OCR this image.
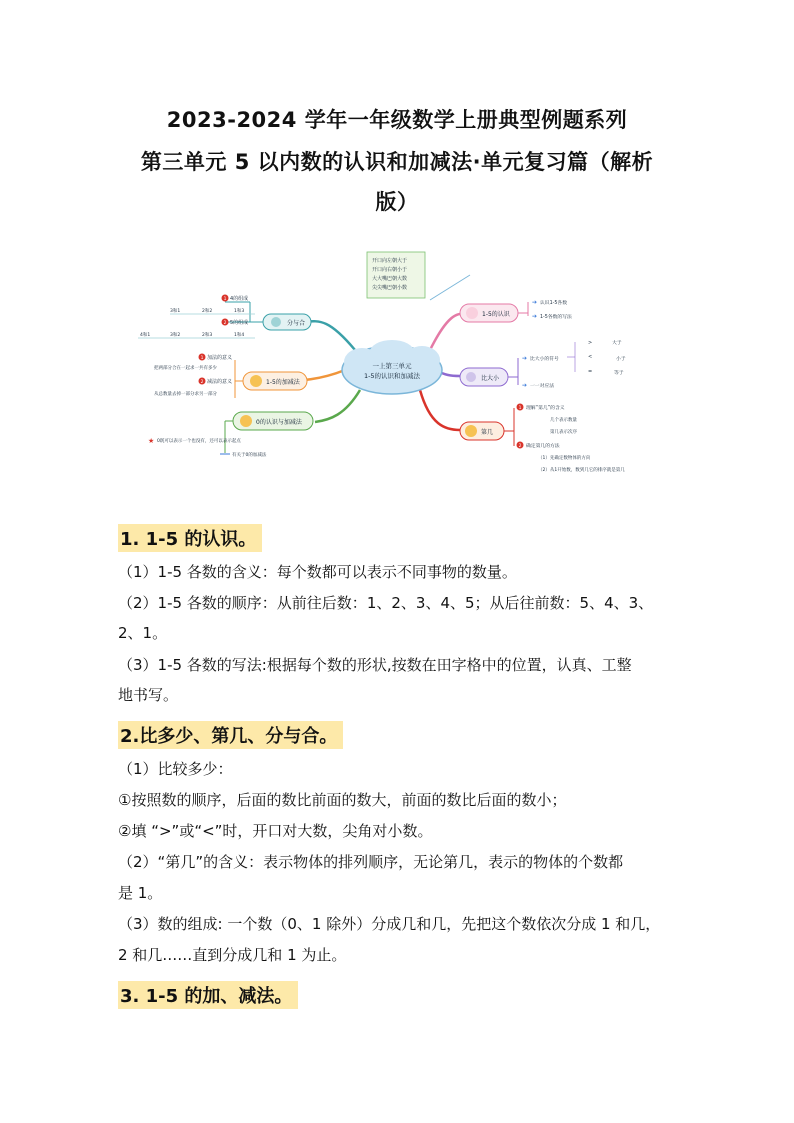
2023-2024 学年一年级数学上册典型例题系列
第三单元 5 以内数的认识和加减法·单元复习篇（解析
版）
一上第三单元
1-5的认识和加减法
开口向左朝大于
开口向右朝小于
大大嘴巴朝大数
尖尖嘴巴朝小数
分与合
1 4的组成
2 5的组成
3和1	2和2	1和3
4和1	3和2	2和3	1和4
1-5的加减法
1 加法的意义
把两部分合在一起求一共有多少
2 减法的意义
从总数量去掉一部分求另一部分
0的认识与加减法
★ 0既可以表示一个也没有，还可以表示起点
有关于0的加减法
1-5的认识
➔ 认识1-5各数
➔ 1-5各数的写法
比大小
➔ 比大小的符号
➔ 一一对应法
>	大于
<	小于
=	等于
第几
1 理解“第几”的含义
几个表示数量
第几表示次序
2 确定第几的方法
（1）先确定数物体的方向
（2）从1开始数，数到几它的排序就是第几
1. 1-5 的认识。
（1）1-5 各数的含义：每个数都可以表示不同事物的数量。
（2）1-5 各数的顺序：从前往后数：1、2、3、4、5；从后往前数：5、4、3、
2、1。
（3）1-5 各数的写法:根据每个数的形状,按数在田字格中的位置，认真、工整
地书写。
2.比多少、第几、分与合。
（1）比较多少：
①按照数的顺序，后面的数比前面的数大，前面的数比后面的数小；
②填 “>”或“<”时，开口对大数，尖角对小数。
（2）“第几”的含义：表示物体的排列顺序，无论第几，表示的物体的个数都
是 1。
（3）数的组成: 一个数（0、1 除外）分成几和几，先把这个数依次分成 1 和几，
2 和几……直到分成几和 1 为止。
3. 1-5 的加、减法。
